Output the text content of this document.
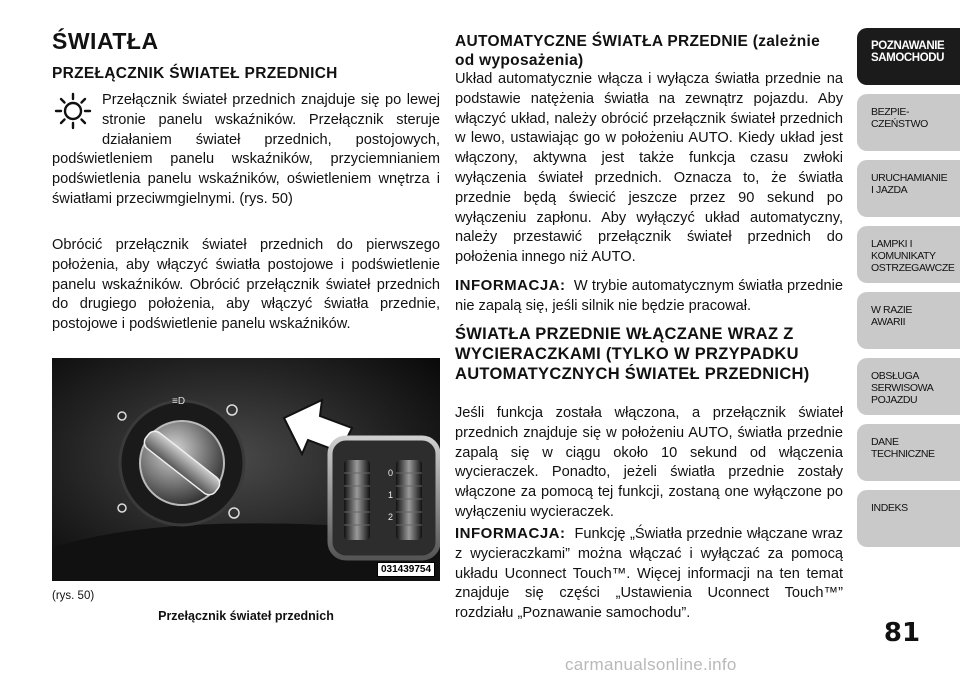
ŚWIATŁA
PRZEŁĄCZNIK ŚWIATEŁ PRZEDNICH

Przełącznik świateł przednich znajduje się po lewej stronie panelu wskaźników. Przełącznik steruje działaniem świateł przednich, postojowych, podświetleniem panelu wskaźników, przyciemnianiem podświetlenia panelu wskaźników, oświetleniem wnętrza i światłami przeciwmgielnymi. (rys. 50)

Obrócić przełącznik świateł przednich do pierwszego położenia, aby włączyć światła postojowe i podświetlenie panelu wskaźników. Obrócić przełącznik świateł przednich do drugiego położenia, aby włączyć światła przednie, postojowe i podświetlenie panelu wskaźników.

≡D
0
1
2
031439754
(rys. 50)
Przełącznik świateł przednich
AUTOMATYCZNE ŚWIATŁA PRZEDNIE (zależnie od wyposażenia)

Układ automatycznie włącza i wyłącza światła przednie na podstawie natężenia światła na zewnątrz pojazdu. Aby włączyć układ, należy obrócić przełącznik świateł przednich w lewo, ustawiając go w położeniu AUTO. Kiedy układ jest włączony, aktywna jest także funkcja czasu zwłoki wyłączenia świateł przednich. Oznacza to, że światła przednie będą świecić jeszcze przez 90 sekund po wyłączeniu zapłonu. Aby wyłączyć układ automatyczny, należy przestawić przełącznik świateł przednich do położenia innego niż AUTO.

INFORMACJA: W trybie automatycznym światła przednie nie zapalą się, jeśli silnik nie będzie pracował.

ŚWIATŁA PRZEDNIE WŁĄCZANE WRAZ Z WYCIERACZKAMI (TYLKO W PRZYPADKU AUTOMATYCZNYCH ŚWIATEŁ PRZEDNICH)

Jeśli funkcja została włączona, a przełącznik świateł przednich znajduje się w położeniu AUTO, światła przednie zapalą się w ciągu około 10 sekund od włączenia wycieraczek. Ponadto, jeżeli światła przednie zostały włączone za pomocą tej funkcji, zostaną one wyłączone po wyłączeniu wycieraczek.

INFORMACJA: Funkcję „Światła przednie włączane wraz z wycieraczkami” można włączać i wyłączać za pomocą układu Uconnect Touch™. Więcej informacji na ten temat znajduje się części „Ustawienia Uconnect Touch™” rozdziału „Poznawanie samochodu”.

POZNAWANIE
SAMOCHODU
BEZPIE-
CZEŃSTWO
URUCHAMIANIE
I JAZDA
LAMPKI I
KOMUNIKATY
OSTRZEGAWCZE
W RAZIE
AWARII
OBSŁUGA
SERWISOWA
POJAZDU
DANE
TECHNICZNE
INDEKS
81
carmanualsonline.info
